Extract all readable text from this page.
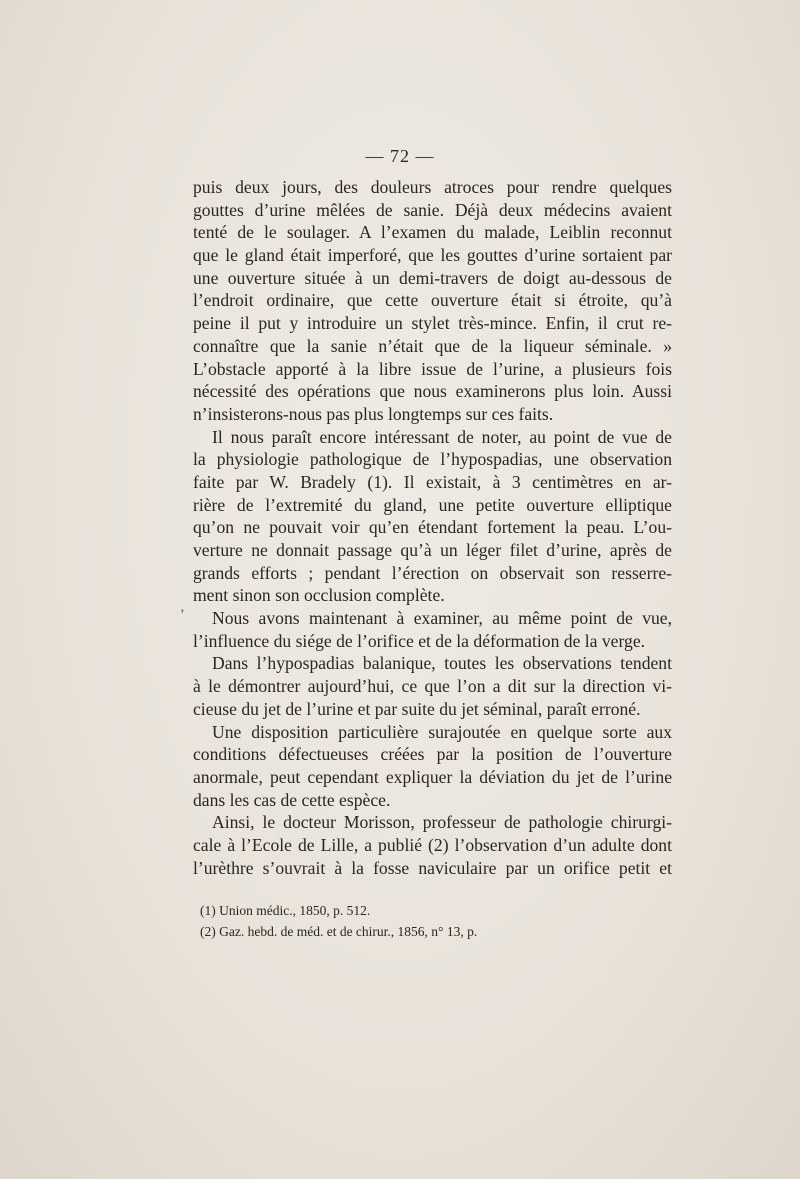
— 72 —
‚
puis deux jours, des douleurs atroces pour rendre quelques
gouttes d’urine mêlées de sanie. Déjà deux médecins avaient
tenté de le soulager. A l’examen du malade, Leiblin reconnut
que le gland était imperforé, que les gouttes d’urine sortaient par
une ouverture située à un demi-travers de doigt au-dessous de
l’endroit ordinaire, que cette ouverture était si étroite, qu’à
peine il put y introduire un stylet très-mince. Enfin, il crut re-
connaître que la sanie n’était que de la liqueur séminale. »
L’obstacle apporté à la libre issue de l’urine, a plusieurs fois
nécessité des opérations que nous examinerons plus loin. Aussi
n’insisterons-nous pas plus longtemps sur ces faits.
Il nous paraît encore intéressant de noter, au point de vue de
la physiologie pathologique de l’hypospadias, une observation
faite par W. Bradely (1). Il existait, à 3 centimètres en ar-
rière de l’extremité du gland, une petite ouverture elliptique
qu’on ne pouvait voir qu’en étendant fortement la peau. L’ou-
verture ne donnait passage qu’à un léger filet d’urine, après de
grands efforts ; pendant l’érection on observait son resserre-
ment sinon son occlusion complète.
Nous avons maintenant à examiner, au même point de vue,
l’influence du siége de l’orifice et de la déformation de la verge.
Dans l’hypospadias balanique, toutes les observations tendent
à le démontrer aujourd’hui, ce que l’on a dit sur la direction vi-
cieuse du jet de l’urine et par suite du jet séminal, paraît erroné.
Une disposition particulière surajoutée en quelque sorte aux
conditions défectueuses créées par la position de l’ouverture
anormale, peut cependant expliquer la déviation du jet de l’urine
dans les cas de cette espèce.
Ainsi, le docteur Morisson, professeur de pathologie chirurgi-
cale à l’Ecole de Lille, a publié (2) l’observation d’un adulte dont
l’urèthre s’ouvrait à la fosse naviculaire par un orifice petit et
(1) Union médic., 1850, p. 512.
(2) Gaz. hebd. de méd. et de chirur., 1856, n° 13, p.
